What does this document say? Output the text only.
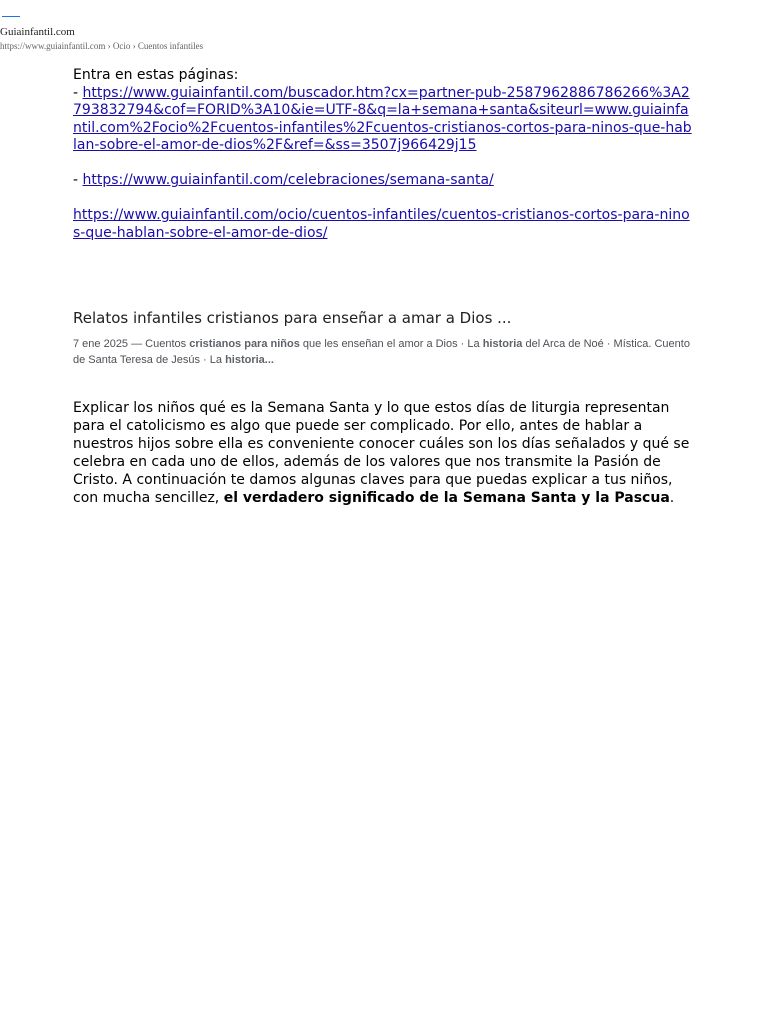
Guiainfantil.com
https://www.guiainfantil.com › Ocio › Cuentos infantiles
Entra en estas páginas:
- https://www.guiainfantil.com/buscador.htm?cx=partner-pub-2587962886786266%3A2793832794&cof=FORID%3A10&ie=UTF-8&q=la+semana+santa&siteurl=www.guiainfantil.com%2Focio%2Fcuentos-infantiles%2Fcuentos-cristianos-cortos-para-ninos-que-hablan-sobre-el-amor-de-dios%2F&ref=&ss=3507j966429j15
- https://www.guiainfantil.com/celebraciones/semana-santa/
https://www.guiainfantil.com/ocio/cuentos-infantiles/cuentos-cristianos-cortos-para-ninos-que-hablan-sobre-el-amor-de-dios/
Relatos infantiles cristianos para enseñar a amar a Dios ...
7 ene 2025 — Cuentos cristianos para niños que les enseñan el amor a Dios · La historia del Arca de Noé · Mística. Cuento de Santa Teresa de Jesús · La historia...
Explicar los niños qué es la Semana Santa y lo que estos días de liturgia representan para el catolicismo es algo que puede ser complicado. Por ello, antes de hablar a nuestros hijos sobre ella es conveniente conocer cuáles son los días señalados y qué se celebra en cada uno de ellos, además de los valores que nos transmite la Pasión de Cristo. A continuación te damos algunas claves para que puedas explicar a tus niños, con mucha sencillez, el verdadero significado de la Semana Santa y la Pascua.
